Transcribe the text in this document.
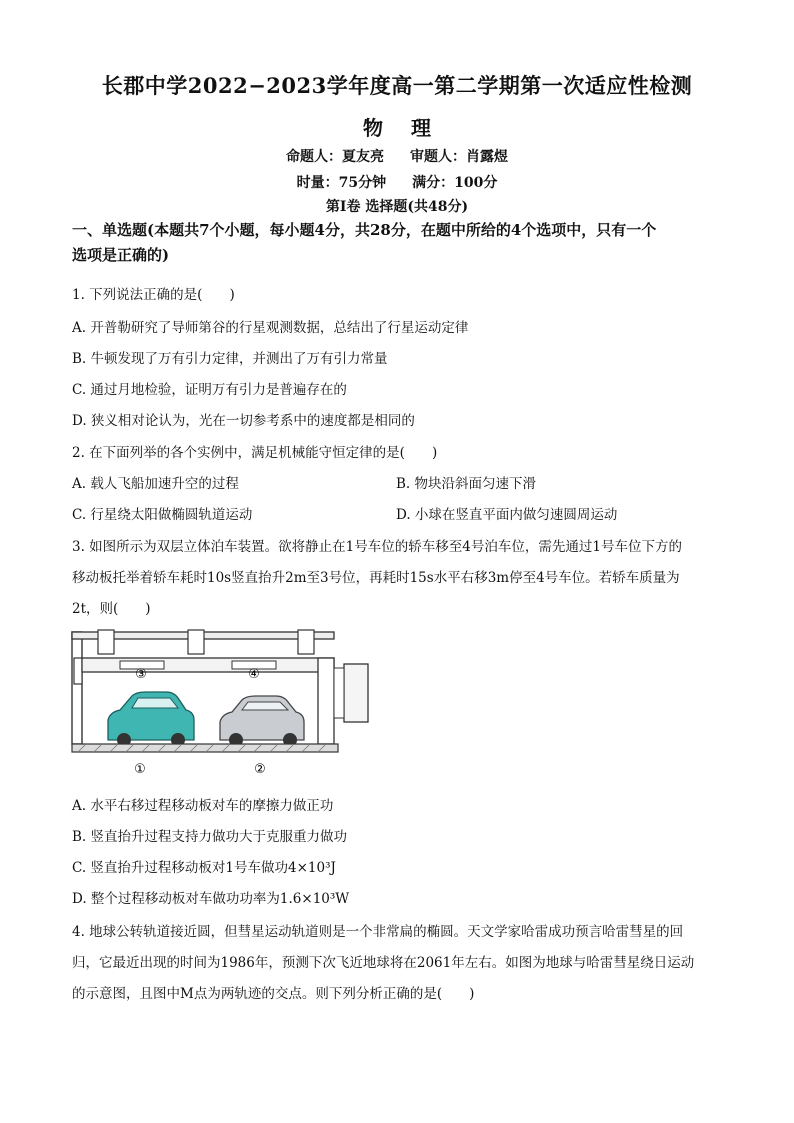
长郡中学2022−2023学年度高一第二学期第一次适应性检测
物 理
命题人：夏友亮 审题人：肖露煜
时量：75分钟 满分：100分
第Ⅰ卷 选择题(共48分)
一、单选题(本题共7个小题，每小题4分，共28分，在题中所给的4个选项中，只有一个
选项是正确的)
1. 下列说法正确的是(　　)
A. 开普勒研究了导师第谷的行星观测数据，总结出了行星运动定律
B. 牛顿发现了万有引力定律，并测出了万有引力常量
C. 通过月地检验，证明万有引力是普遍存在的
D. 狭义相对论认为，光在一切参考系中的速度都是相同的
2. 在下面列举的各个实例中，满足机械能守恒定律的是(　　)
A. 载人飞船加速升空的过程	B. 物块沿斜面匀速下滑
C. 行星绕太阳做椭圆轨道运动	D. 小球在竖直平面内做匀速圆周运动
3. 如图所示为双层立体泊车装置。欲将静止在1号车位的轿车移至4号泊车位，需先通过1号车位下方的
移动板托举着轿车耗时10s竖直抬升2m至3号位，再耗时15s水平右移3m停至4号车位。若轿车质量为
2t，则(　　)
③	④
①	②
A. 水平右移过程移动板对车的摩擦力做正功
B. 竖直抬升过程支持力做功大于克服重力做功
C. 竖直抬升过程移动板对1号车做功4×10³J
D. 整个过程移动板对车做功功率为1.6×10³W
4. 地球公转轨道接近圆，但彗星运动轨道则是一个非常扁的椭圆。天文学家哈雷成功预言哈雷彗星的回
归，它最近出现的时间为1986年，预测下次飞近地球将在2061年左右。如图为地球与哈雷彗星绕日运动
的示意图，且图中M点为两轨迹的交点。则下列分析正确的是(　　)
